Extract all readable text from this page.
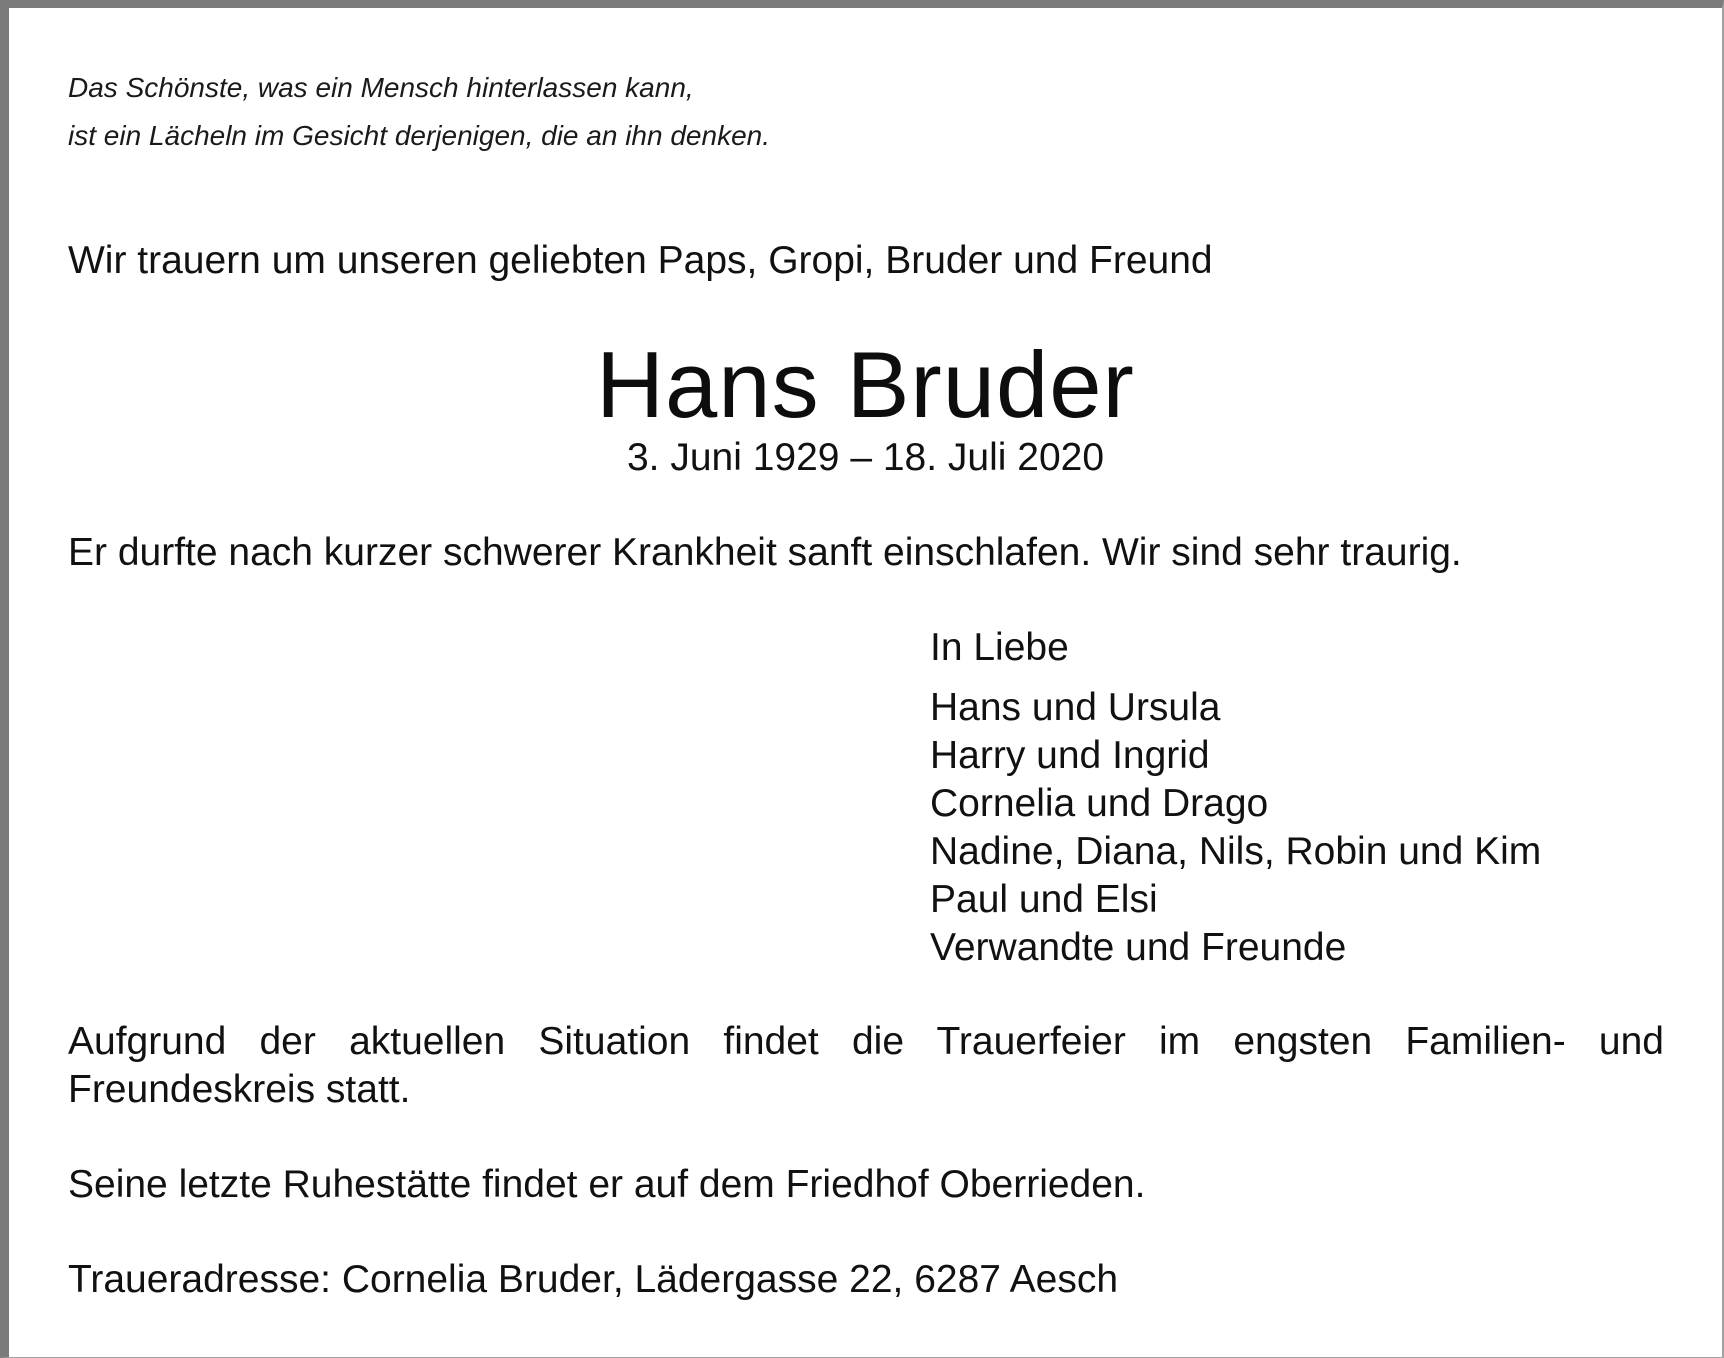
Das Schönste, was ein Mensch hinterlassen kann,

ist ein Lächeln im Gesicht derjenigen, die an ihn denken.

Wir trauern um unseren geliebten Paps, Gropi, Bruder und Freund

Hans Bruder

3. Juni 1929 – 18. Juli 2020

Er durfte nach kurzer schwerer Krankheit sanft einschlafen. Wir sind sehr traurig.

In Liebe

Hans und Ursula

Harry und Ingrid

Cornelia und Drago

Nadine, Diana, Nils, Robin und Kim

Paul und Elsi

Verwandte und Freunde

Aufgrund der aktuellen Situation findet die Trauerfeier im engsten Familien- und Freundeskreis statt.

Seine letzte Ruhestätte findet er auf dem Friedhof Oberrieden.

Traueradresse: Cornelia Bruder, Lädergasse 22, 6287 Aesch
